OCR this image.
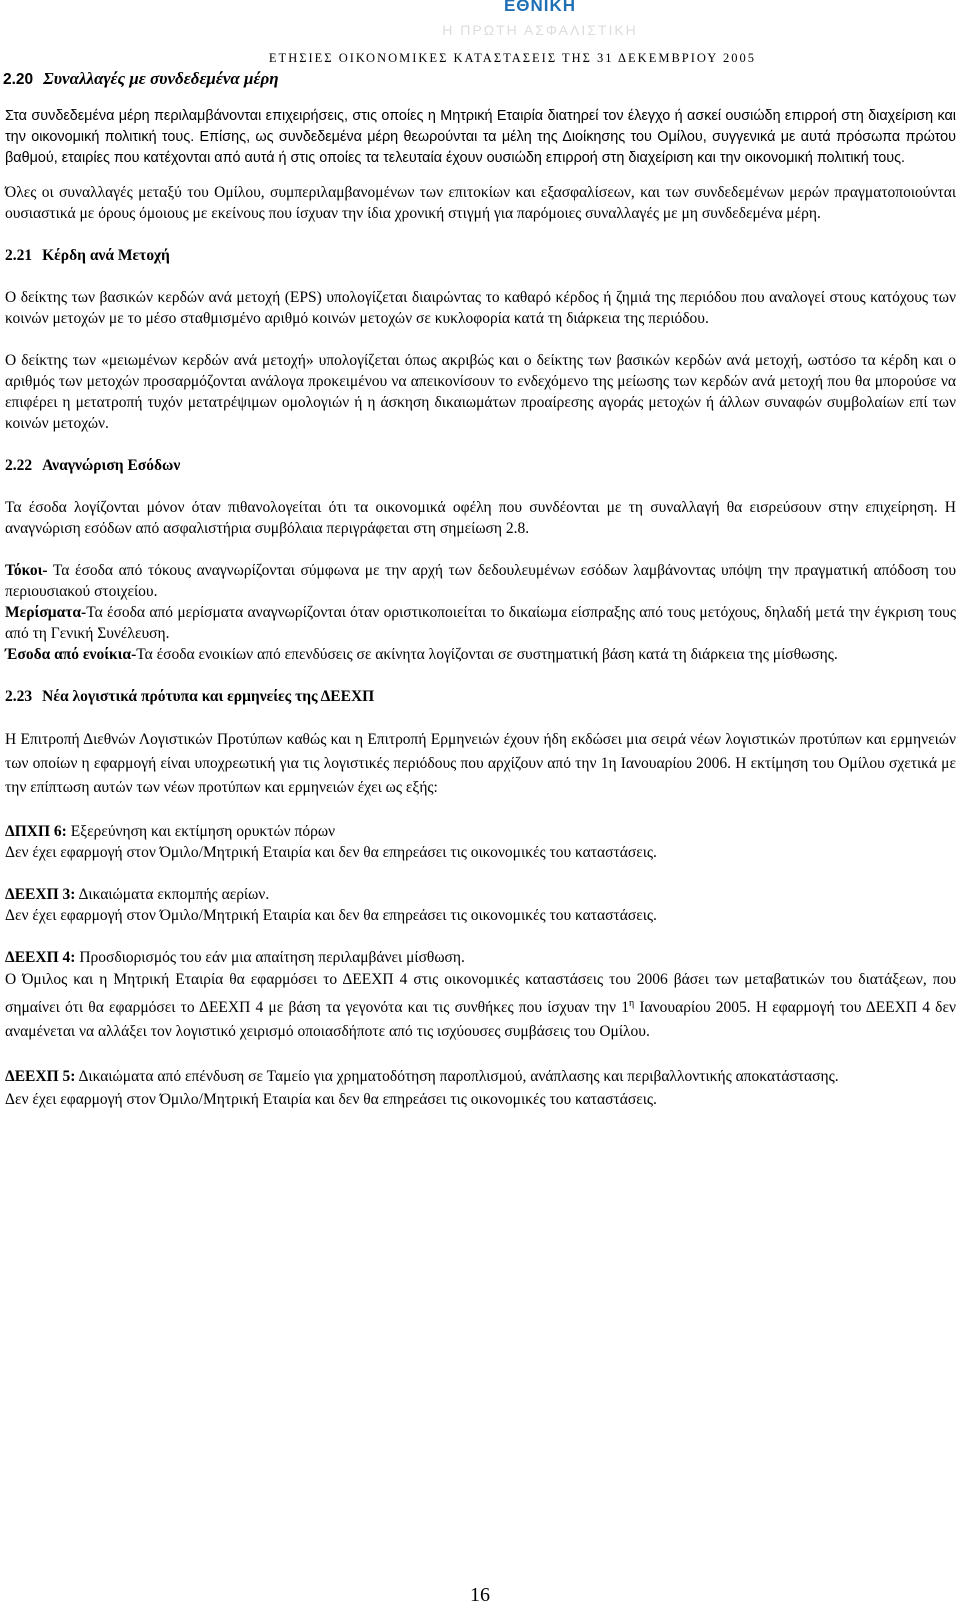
ΕΘΝΙΚΗ
Η ΠΡΩΤΗ ΑΣΦΑΛΙΣΤΙΚΗ
ΕΤΗΣΙΕΣ ΟΙΚΟΝΟΜΙΚΕΣ ΚΑΤΑΣΤΑΣΕΙΣ ΤΗΣ 31 ΔΕΚΕΜΒΡΙΟΥ 2005
2.20 Συναλλαγές με συνδεδεμένα μέρη

Στα συνδεδεμένα μέρη περιλαμβάνονται επιχειρήσεις, στις οποίες η Μητρική Εταιρία διατηρεί τον έλεγχο ή ασκεί ουσιώδη επιρροή στη διαχείριση και την οικονομική πολιτική τους. Επίσης, ως συνδεδεμένα μέρη θεωρούνται τα μέλη της Διοίκησης του Ομίλου, συγγενικά με αυτά πρόσωπα πρώτου βαθμού, εταιρίες που κατέχονται από αυτά ή στις οποίες τα τελευταία έχουν ουσιώδη επιρροή στη διαχείριση και την οικονομική πολιτική τους.

Όλες οι συναλλαγές μεταξύ του Ομίλου, συμπεριλαμβανομένων των επιτοκίων και εξασφαλίσεων, και των συνδεδεμένων μερών πραγματοποιούνται ουσιαστικά με όρους όμοιους με εκείνους που ίσχυαν την ίδια χρονική στιγμή για παρόμοιες συναλλαγές με μη συνδεδεμένα μέρη.

2.21 Κέρδη ανά Μετοχή

Ο δείκτης των βασικών κερδών ανά μετοχή (EPS) υπολογίζεται διαιρώντας το καθαρό κέρδος ή ζημιά της περιόδου που αναλογεί στους κατόχους των κοινών μετοχών με το μέσο σταθμισμένο αριθμό κοινών μετοχών σε κυκλοφορία κατά τη διάρκεια της περιόδου.

Ο δείκτης των «μειωμένων κερδών ανά μετοχή» υπολογίζεται όπως ακριβώς και ο δείκτης των βασικών κερδών ανά μετοχή, ωστόσο τα κέρδη και ο αριθμός των μετοχών προσαρμόζονται ανάλογα προκειμένου να απεικονίσουν το ενδεχόμενο της μείωσης των κερδών ανά μετοχή που θα μπορούσε να επιφέρει η μετατροπή τυχόν μετατρέψιμων ομολογιών ή η άσκηση δικαιωμάτων προαίρεσης αγοράς μετοχών ή άλλων συναφών συμβολαίων επί των κοινών μετοχών.

2.22 Αναγνώριση Εσόδων

Τα έσοδα λογίζονται μόνον όταν πιθανολογείται ότι τα οικονομικά οφέλη που συνδέονται με τη συναλλαγή θα εισρεύσουν στην επιχείρηση. Η αναγνώριση εσόδων από ασφαλιστήρια συμβόλαια περιγράφεται στη σημείωση 2.8.

Τόκοι- Τα έσοδα από τόκους αναγνωρίζονται σύμφωνα με την αρχή των δεδουλευμένων εσόδων λαμβάνοντας υπόψη την πραγματική απόδοση του περιουσιακού στοιχείου.

Μερίσματα-Τα έσοδα από μερίσματα αναγνωρίζονται όταν οριστικοποιείται το δικαίωμα είσπραξης από τους μετόχους, δηλαδή μετά την έγκριση τους από τη Γενική Συνέλευση.

Έσοδα από ενοίκια-Τα έσοδα ενοικίων από επενδύσεις σε ακίνητα λογίζονται σε συστηματική βάση κατά τη διάρκεια της μίσθωσης.

2.23 Νέα λογιστικά πρότυπα και ερμηνείες της ΔΕΕΧΠ

Η Επιτροπή Διεθνών Λογιστικών Προτύπων καθώς και η Επιτροπή Ερμηνειών έχουν ήδη εκδώσει μια σειρά νέων λογιστικών προτύπων και ερμηνειών των οποίων η εφαρμογή είναι υποχρεωτική για τις λογιστικές περιόδους που αρχίζουν από την 1η Ιανουαρίου 2006. Η εκτίμηση του Ομίλου σχετικά με την επίπτωση αυτών των νέων προτύπων και ερμηνειών έχει ως εξής:

ΔΠΧΠ 6: Εξερεύνηση και εκτίμηση ορυκτών πόρων

Δεν έχει εφαρμογή στον Όμιλο/Μητρική Εταιρία και δεν θα επηρεάσει τις οικονομικές του καταστάσεις.

ΔΕΕΧΠ 3: Δικαιώματα εκπομπής αερίων.

Δεν έχει εφαρμογή στον Όμιλο/Μητρική Εταιρία και δεν θα επηρεάσει τις οικονομικές του καταστάσεις.

ΔΕΕΧΠ 4: Προσδιορισμός του εάν μια απαίτηση περιλαμβάνει μίσθωση.

Ο Όμιλος και η Μητρική Εταιρία θα εφαρμόσει το ΔΕΕΧΠ 4 στις οικονομικές καταστάσεις του 2006 βάσει των μεταβατικών του διατάξεων, που σημαίνει ότι θα εφαρμόσει το ΔΕΕΧΠ 4 με βάση τα γεγονότα και τις συνθήκες που ίσχυαν την $1^\eta$ Ιανουαρίου 2005. Η εφαρμογή του ΔΕΕΧΠ 4 δεν αναμένεται να αλλάξει τον λογιστικό χειρισμό οποιασδήποτε από τις ισχύουσες συμβάσεις του Ομίλου.

ΔΕΕΧΠ 5: Δικαιώματα από επένδυση σε Ταμείο για χρηματοδότηση παροπλισμού, ανάπλασης και περιβαλλοντικής αποκατάστασης.

Δεν έχει εφαρμογή στον Όμιλο/Μητρική Εταιρία και δεν θα επηρεάσει τις οικονομικές του καταστάσεις.

16
